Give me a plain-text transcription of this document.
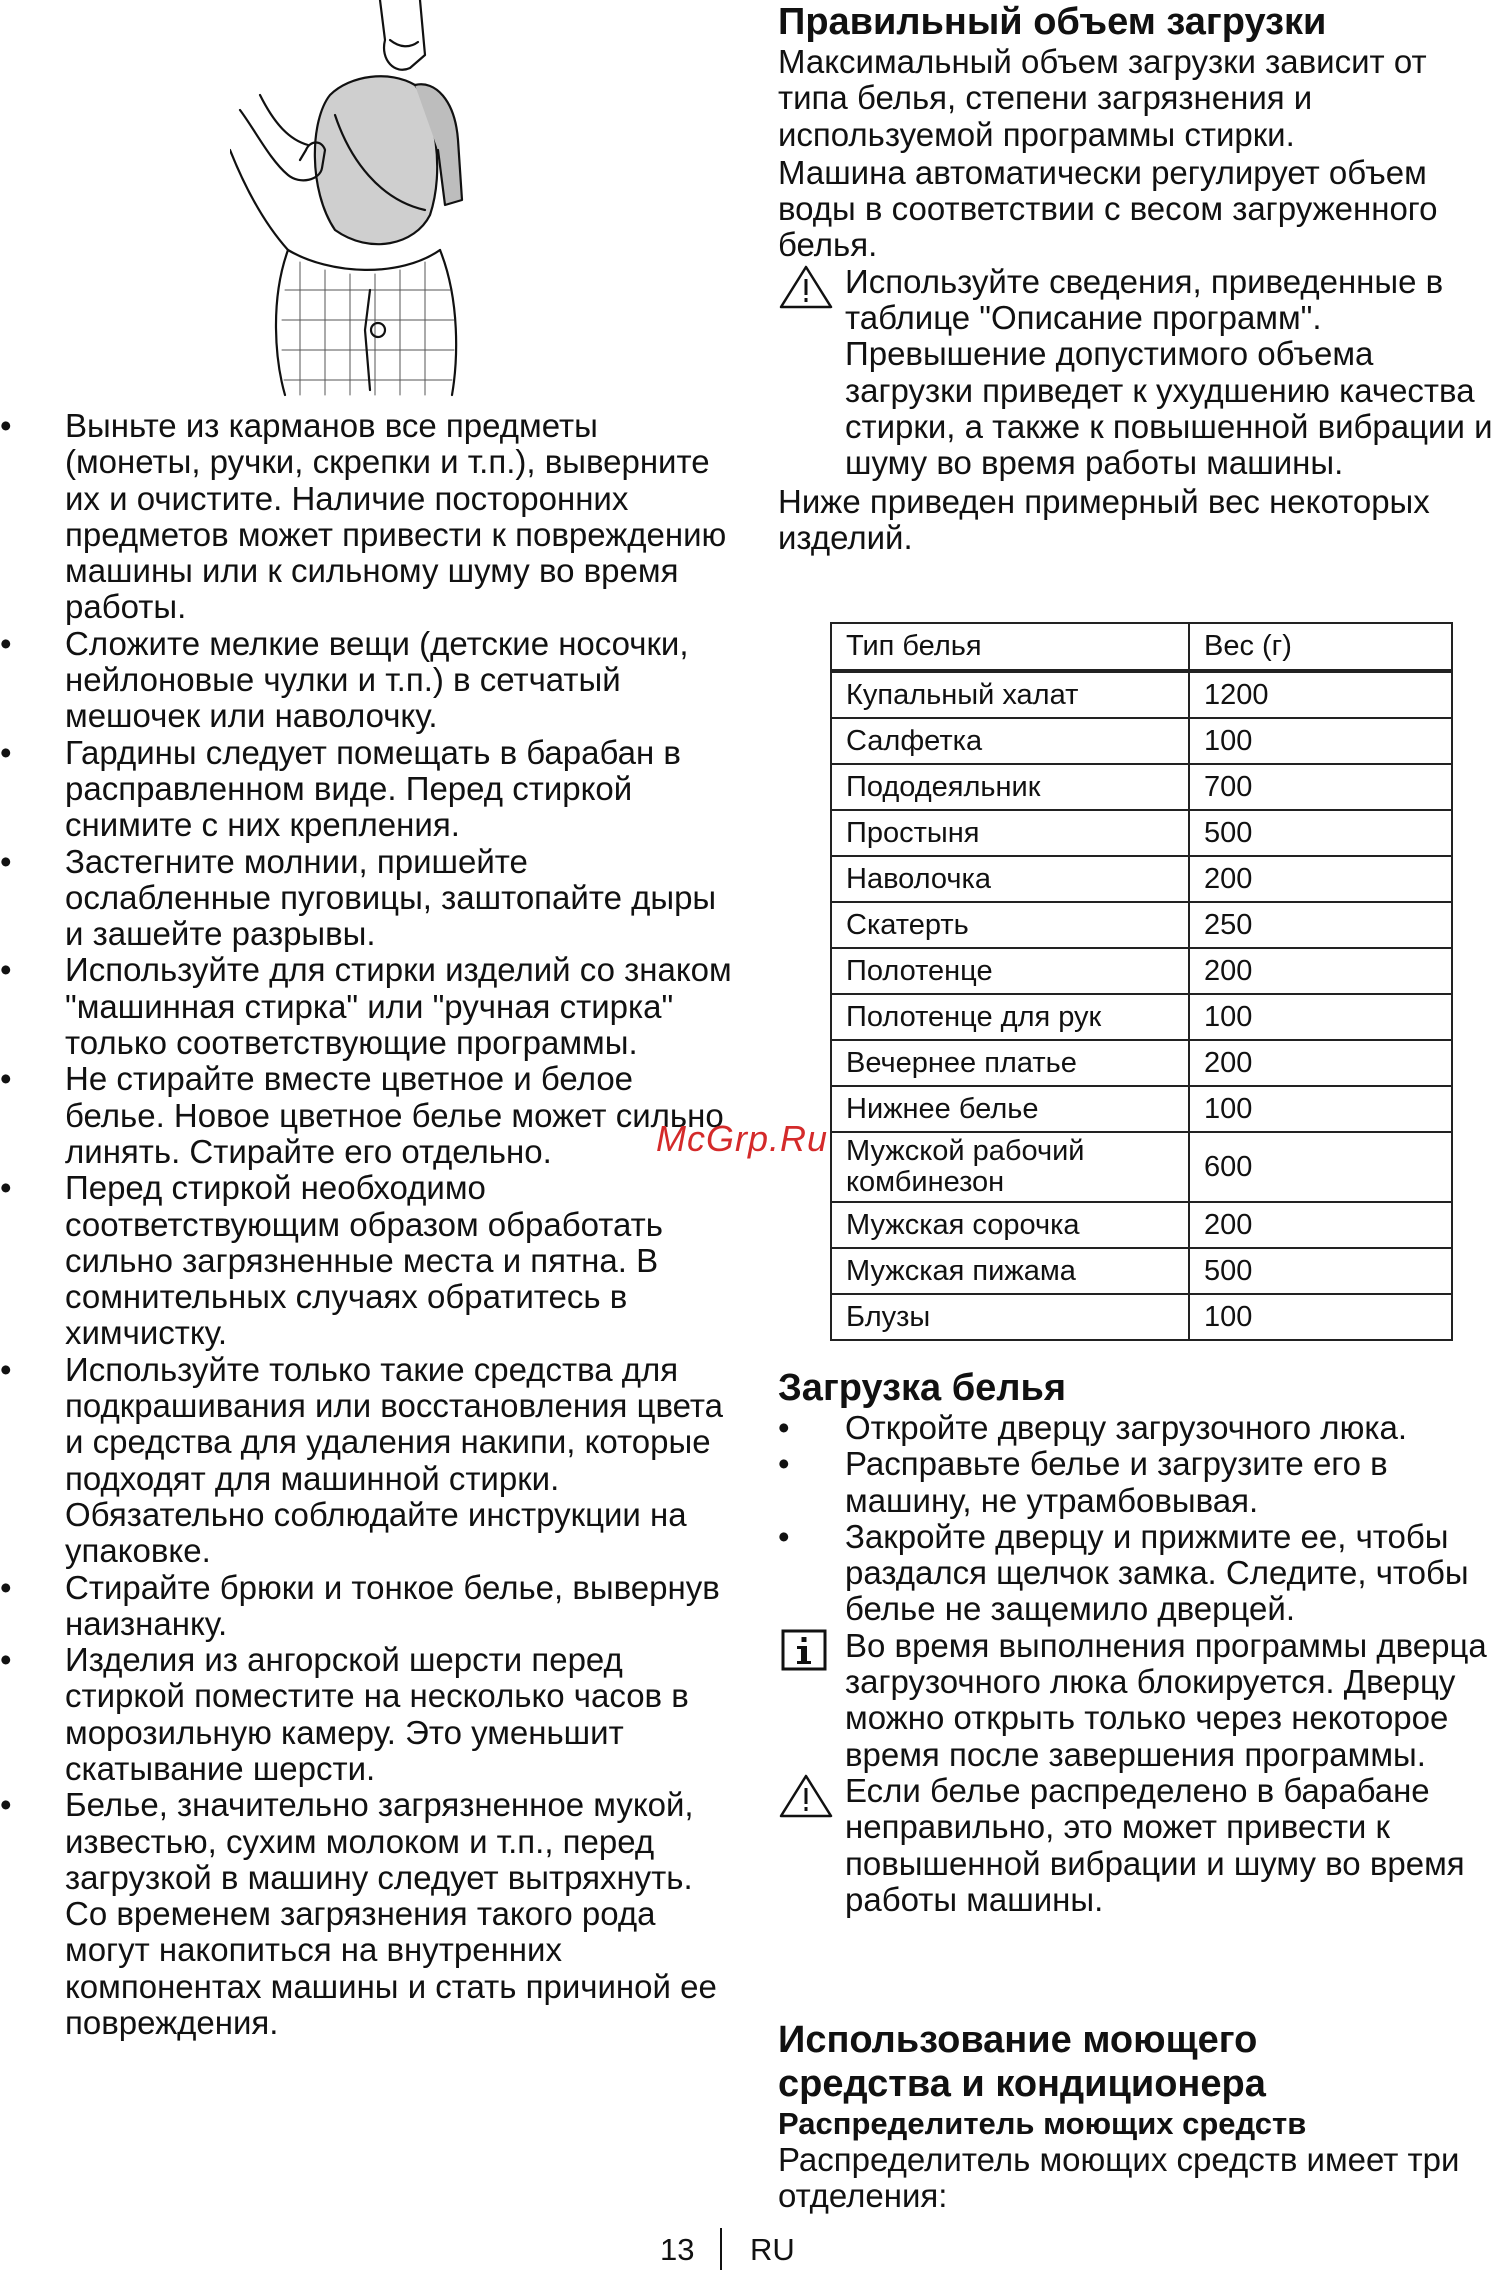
• Выньте из карманов все предметы (монеты, ручки, скрепки и т.п.), выверните их и очистите. Наличие посторонних предметов может привести к повреждению машины или к сильному шуму во время работы.
• Сложите мелкие вещи (детские носочки, нейлоновые чулки и т.п.) в сетчатый мешочек или наволочку.
• Гардины следует помещать в барабан в расправленном виде. Перед стиркой снимите с них крепления.
• Застегните молнии, пришейте ослабленные пуговицы, заштопайте дыры и зашейте разрывы.
• Используйте для стирки изделий со знаком "машинная стирка" или "ручная стирка" только соответствующие программы.
• Не стирайте вместе цветное и белое белье. Новое цветное белье может сильно линять. Стирайте его отдельно.
• Перед стиркой необходимо соответствующим образом обработать сильно загрязненные места и пятна. В сомнительных случаях обратитесь в химчистку.
• Используйте только такие средства для подкрашивания или восстановления цвета и средства для удаления накипи, которые подходят для машинной стирки. Обязательно соблюдайте инструкции на упаковке.
• Стирайте брюки и тонкое белье, вывернув наизнанку.
• Изделия из ангорской шерсти перед стиркой поместите на несколько часов в морозильную камеру. Это уменьшит скатывание шерсти.
• Белье, значительно загрязненное мукой, известью, сухим молоком и т.п., перед загрузкой в машину следует вытряхнуть. Со временем загрязнения такого рода могут накопиться на внутренних компонентах машины и стать причиной ее повреждения.
Правильный объем загрузки

Максимальный объем загрузки зависит от типа белья, степени загрязнения и используемой программы стирки.

Машина автоматически регулирует объем воды в соответствии с весом загруженного белья.

Используйте сведения, приведенные в таблице "Описание программ". Превышение допустимого объема загрузки приведет к ухудшению качества стирки, а также к повышенной вибрации и шуму во время работы машины.

Ниже приведен примерный вес некоторых изделий.

Тип белья	Вес (г)
Купальный халат	1200
Салфетка	100
Пододеяльник	700
Простыня	500
Наволочка	200
Скатерть	250
Полотенце	200
Полотенце для рук	100
Вечернее платье	200
Нижнее белье	100
Мужской рабочий комбинезон	600
Мужская сорочка	200
Мужская пижама	500
Блузы	100
Загрузка белья
• Откройте дверцу загрузочного люка.
• Расправьте белье и загрузите его в машину, не утрамбовывая.
• Закройте дверцу и прижмите ее, чтобы раздался щелчок замка. Следите, чтобы белье не защемило дверцей.
Во время выполнения программы дверца загрузочного люка блокируется. Дверцу можно открыть только через некоторое время после завершения программы.
Если белье распределено в барабане неправильно, это может привести к повышенной вибрации и шуму во время работы машины.
Использование моющего
средства и кондиционера
Распределитель моющих средств

Распределитель моющих средств имеет три отделения:

McGrp.Ru
13 RU
